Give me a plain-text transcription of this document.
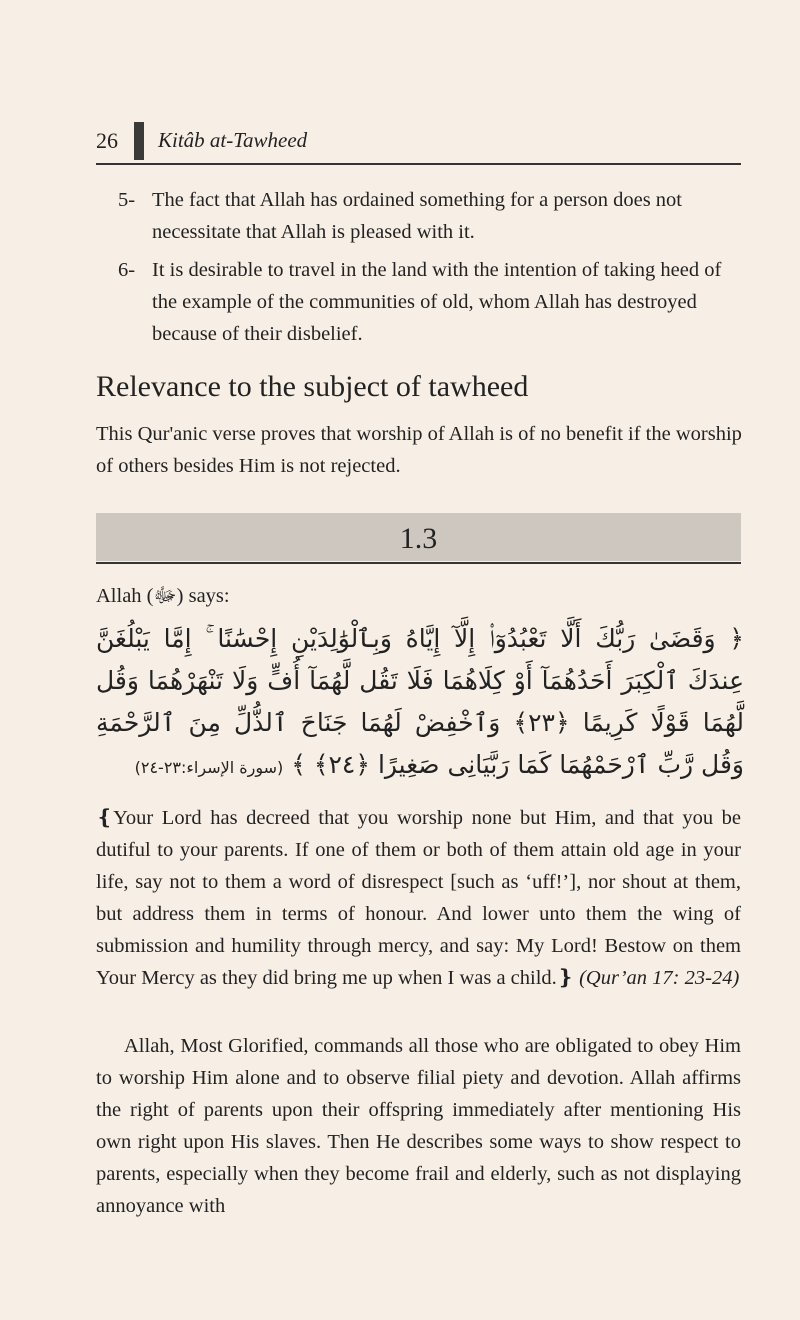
26 Kitâb at-Tawheed
5- The fact that Allah has ordained something for a person does not necessitate that Allah is pleased with it.
6- It is desirable to travel in the land with the intention of taking heed of the example of the communities of old, whom Allah has destroyed because of their disbelief.
Relevance to the subject of tawheed

This Qur'anic verse proves that worship of Allah is of no benefit if the worship of others besides Him is not rejected.

1.3
Allah (ﷻ) says:

﴿ وَقَضَىٰ رَبُّكَ أَلَّا تَعْبُدُوٓا۟ إِلَّآ إِيَّاهُ وَبِٱلْوَٰلِدَيْنِ إِحْسَٰنًا ۚ إِمَّا يَبْلُغَنَّ عِندَكَ ٱلْكِبَرَ أَحَدُهُمَآ أَوْ كِلَاهُمَا فَلَا تَقُل لَّهُمَآ أُفٍّ وَلَا تَنْهَرْهُمَا وَقُل لَّهُمَا قَوْلًا كَرِيمًا ﴿٢٣﴾ وَٱخْفِضْ لَهُمَا جَنَاحَ ٱلذُّلِّ مِنَ ٱلرَّحْمَةِ وَقُل رَّبِّ ٱرْحَمْهُمَا كَمَا رَبَّيَانِى صَغِيرًا ﴿٢٤﴾ ﴾ (سورة الإسراء:٢٣-٢٤)

❴Your Lord has decreed that you worship none but Him, and that you be dutiful to your parents. If one of them or both of them attain old age in your life, say not to them a word of disrespect [such as ‘uff!’], nor shout at them, but address them in terms of honour. And lower unto them the wing of submission and humility through mercy, and say: My Lord! Bestow on them Your Mercy as they did bring me up when I was a child.❵ (Qur’an 17: 23-24)

Allah, Most Glorified, commands all those who are obligated to obey Him to worship Him alone and to observe filial piety and devotion. Allah affirms the right of parents upon their offspring immediately after mentioning His own right upon His slaves. Then He describes some ways to show respect to parents, especially when they become frail and elderly, such as not displaying annoyance with
